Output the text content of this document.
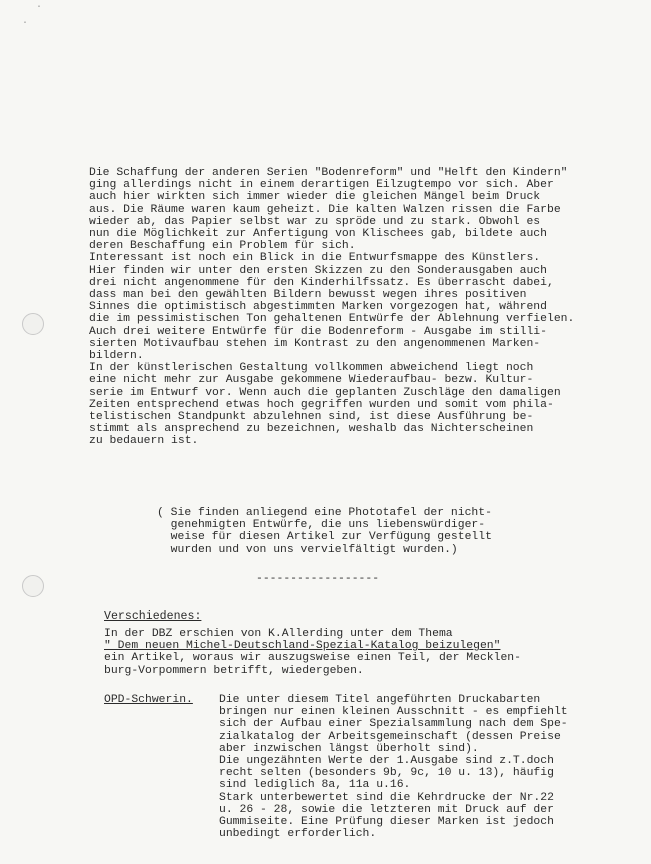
·
·
Die Schaffung der anderen Serien "Bodenreform" und "Helft den Kindern"
ging allerdings nicht in einem derartigen Eilzugtempo vor sich. Aber
auch hier wirkten sich immer wieder die gleichen Mängel beim Druck
aus. Die Räume waren kaum geheizt. Die kalten Walzen rissen die Farbe
wieder ab, das Papier selbst war zu spröde und zu stark. Obwohl es
nun die Möglichkeit zur Anfertigung von Klischees gab, bildete auch
deren Beschaffung ein Problem für sich.
Interessant ist noch ein Blick in die Entwurfsmappe des Künstlers.
Hier finden wir unter den ersten Skizzen zu den Sonderausgaben auch
drei nicht angenommene für den Kinderhilfssatz. Es überrascht dabei,
dass man bei den gewählten Bildern bewusst wegen ihres positiven
Sinnes die optimistisch abgestimmten Marken vorgezogen hat, während
die im pessimistischen Ton gehaltenen Entwürfe der Ablehnung verfielen.
Auch drei weitere Entwürfe für die Bodenreform - Ausgabe im stilli-
sierten Motivaufbau stehen im Kontrast zu den angenommenen Marken-
bildern.
In der künstlerischen Gestaltung vollkommen abweichend liegt noch
eine nicht mehr zur Ausgabe gekommene Wiederaufbau- bezw. Kultur-
serie im Entwurf vor. Wenn auch die geplanten Zuschläge den damaligen
Zeiten entsprechend etwas hoch gegriffen wurden und somit vom phila-
telistischen Standpunkt abzulehnen sind, ist diese Ausführung be-
stimmt als ansprechend zu bezeichnen, weshalb das Nichterscheinen
zu bedauern ist.
( Sie finden anliegend eine Phototafel der nicht-
genehmigten Entwürfe, die uns liebenswürdiger-
weise für diesen Artikel zur Verfügung gestellt
wurden und von uns vervielfältigt wurden.)
------------------
Verschiedenes:
In der DBZ erschien von K.Allerding unter dem Thema
" Dem neuen Michel-Deutschland-Spezial-Katalog beizulegen"
ein Artikel, woraus wir auszugsweise einen Teil, der Mecklen-
burg-Vorpommern betrifft, wiedergeben.
OPD-Schwerin. Die unter diesem Titel angeführten Druckabarten
bringen nur einen kleinen Ausschnitt - es empfiehlt
sich der Aufbau einer Spezialsammlung nach dem Spe-
zialkatalog der Arbeitsgemeinschaft (dessen Preise
aber inzwischen längst überholt sind).
Die ungezähnten Werte der 1.Ausgabe sind z.T.doch
recht selten (besonders 9b, 9c, 10 u. 13), häufig
sind lediglich 8a, 11a u.16.
Stark unterbewertet sind die Kehrdrucke der Nr.22
u. 26 - 28, sowie die letzteren mit Druck auf der
Gummiseite. Eine Prüfung dieser Marken ist jedoch
unbedingt erforderlich.
